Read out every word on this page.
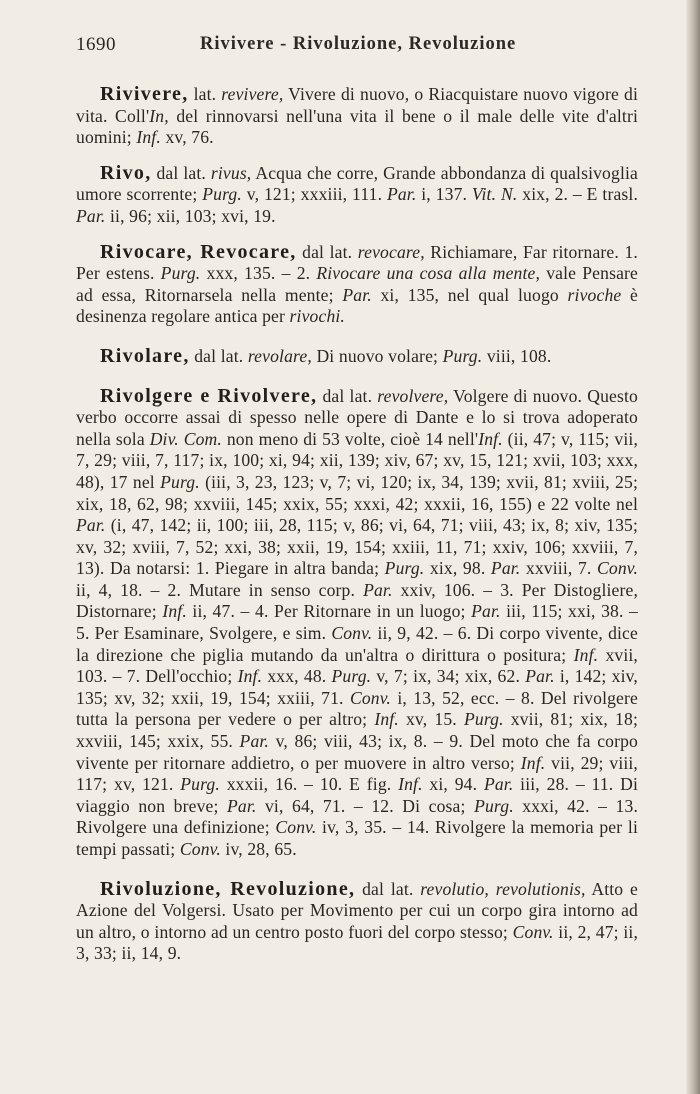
1690	Rivivere - Rivoluzione, Revoluzione

Rivivere, lat. revivere, Vivere di nuovo, o Riacquistare nuovo vigore di vita. Coll'In, del rinnovarsi nell'una vita il bene o il male delle vite d'altri uomini; Inf. xv, 76.

Rivo, dal lat. rivus, Acqua che corre, Grande abbondanza di qualsivoglia umore scorrente; Purg. v, 121; xxxiii, 111. Par. i, 137. Vit. N. xix, 2. – E trasl. Par. ii, 96; xii, 103; xvi, 19.

Rivocare, Revocare, dal lat. revocare, Richiamare, Far ritornare. 1. Per estens. Purg. xxx, 135. – 2. Rivocare una cosa alla mente, vale Pensare ad essa, Ritornarsela nella mente; Par. xi, 135, nel qual luogo rivoche è desinenza regolare antica per rivochi.

Rivolare, dal lat. revolare, Di nuovo volare; Purg. viii, 108.

Rivolgere e Rivolvere, dal lat. revolvere, Volgere di nuovo. Questo verbo occorre assai di spesso nelle opere di Dante e lo si trova adoperato nella sola Div. Com. non meno di 53 volte, cioè 14 nell'Inf. (ii, 47; v, 115; vii, 7, 29; viii, 7, 117; ix, 100; xi, 94; xii, 139; xiv, 67; xv, 15, 121; xvii, 103; xxx, 48), 17 nel Purg. (iii, 3, 23, 123; v, 7; vi, 120; ix, 34, 139; xvii, 81; xviii, 25; xix, 18, 62, 98; xxviii, 145; xxix, 55; xxxi, 42; xxxii, 16, 155) e 22 volte nel Par. (i, 47, 142; ii, 100; iii, 28, 115; v, 86; vi, 64, 71; viii, 43; ix, 8; xiv, 135; xv, 32; xviii, 7, 52; xxi, 38; xxii, 19, 154; xxiii, 11, 71; xxiv, 106; xxviii, 7, 13). Da notarsi: 1. Piegare in altra banda; Purg. xix, 98. Par. xxviii, 7. Conv. ii, 4, 18. – 2. Mutare in senso corp. Par. xxiv, 106. – 3. Per Distogliere, Distornare; Inf. ii, 47. – 4. Per Ritornare in un luogo; Par. iii, 115; xxi, 38. – 5. Per Esaminare, Svolgere, e sim. Conv. ii, 9, 42. – 6. Di corpo vivente, dice la direzione che piglia mutando da un'altra o dirittura o positura; Inf. xvii, 103. – 7. Dell'occhio; Inf. xxx, 48. Purg. v, 7; ix, 34; xix, 62. Par. i, 142; xiv, 135; xv, 32; xxii, 19, 154; xxiii, 71. Conv. i, 13, 52, ecc. – 8. Del rivolgere tutta la persona per vedere o per altro; Inf. xv, 15. Purg. xvii, 81; xix, 18; xxviii, 145; xxix, 55. Par. v, 86; viii, 43; ix, 8. – 9. Del moto che fa corpo vivente per ritornare addietro, o per muovere in altro verso; Inf. vii, 29; viii, 117; xv, 121. Purg. xxxii, 16. – 10. E fig. Inf. xi, 94. Par. iii, 28. – 11. Di viaggio non breve; Par. vi, 64, 71. – 12. Di cosa; Purg. xxxi, 42. – 13. Rivolgere una definizione; Conv. iv, 3, 35. – 14. Rivolgere la memoria per li tempi passati; Conv. iv, 28, 65.

Rivoluzione, Revoluzione, dal lat. revolutio, revolutionis, Atto e Azione del Volgersi. Usato per Movimento per cui un corpo gira intorno ad un altro, o intorno ad un centro posto fuori del corpo stesso; Conv. ii, 2, 47; ii, 3, 33; ii, 14, 9.
